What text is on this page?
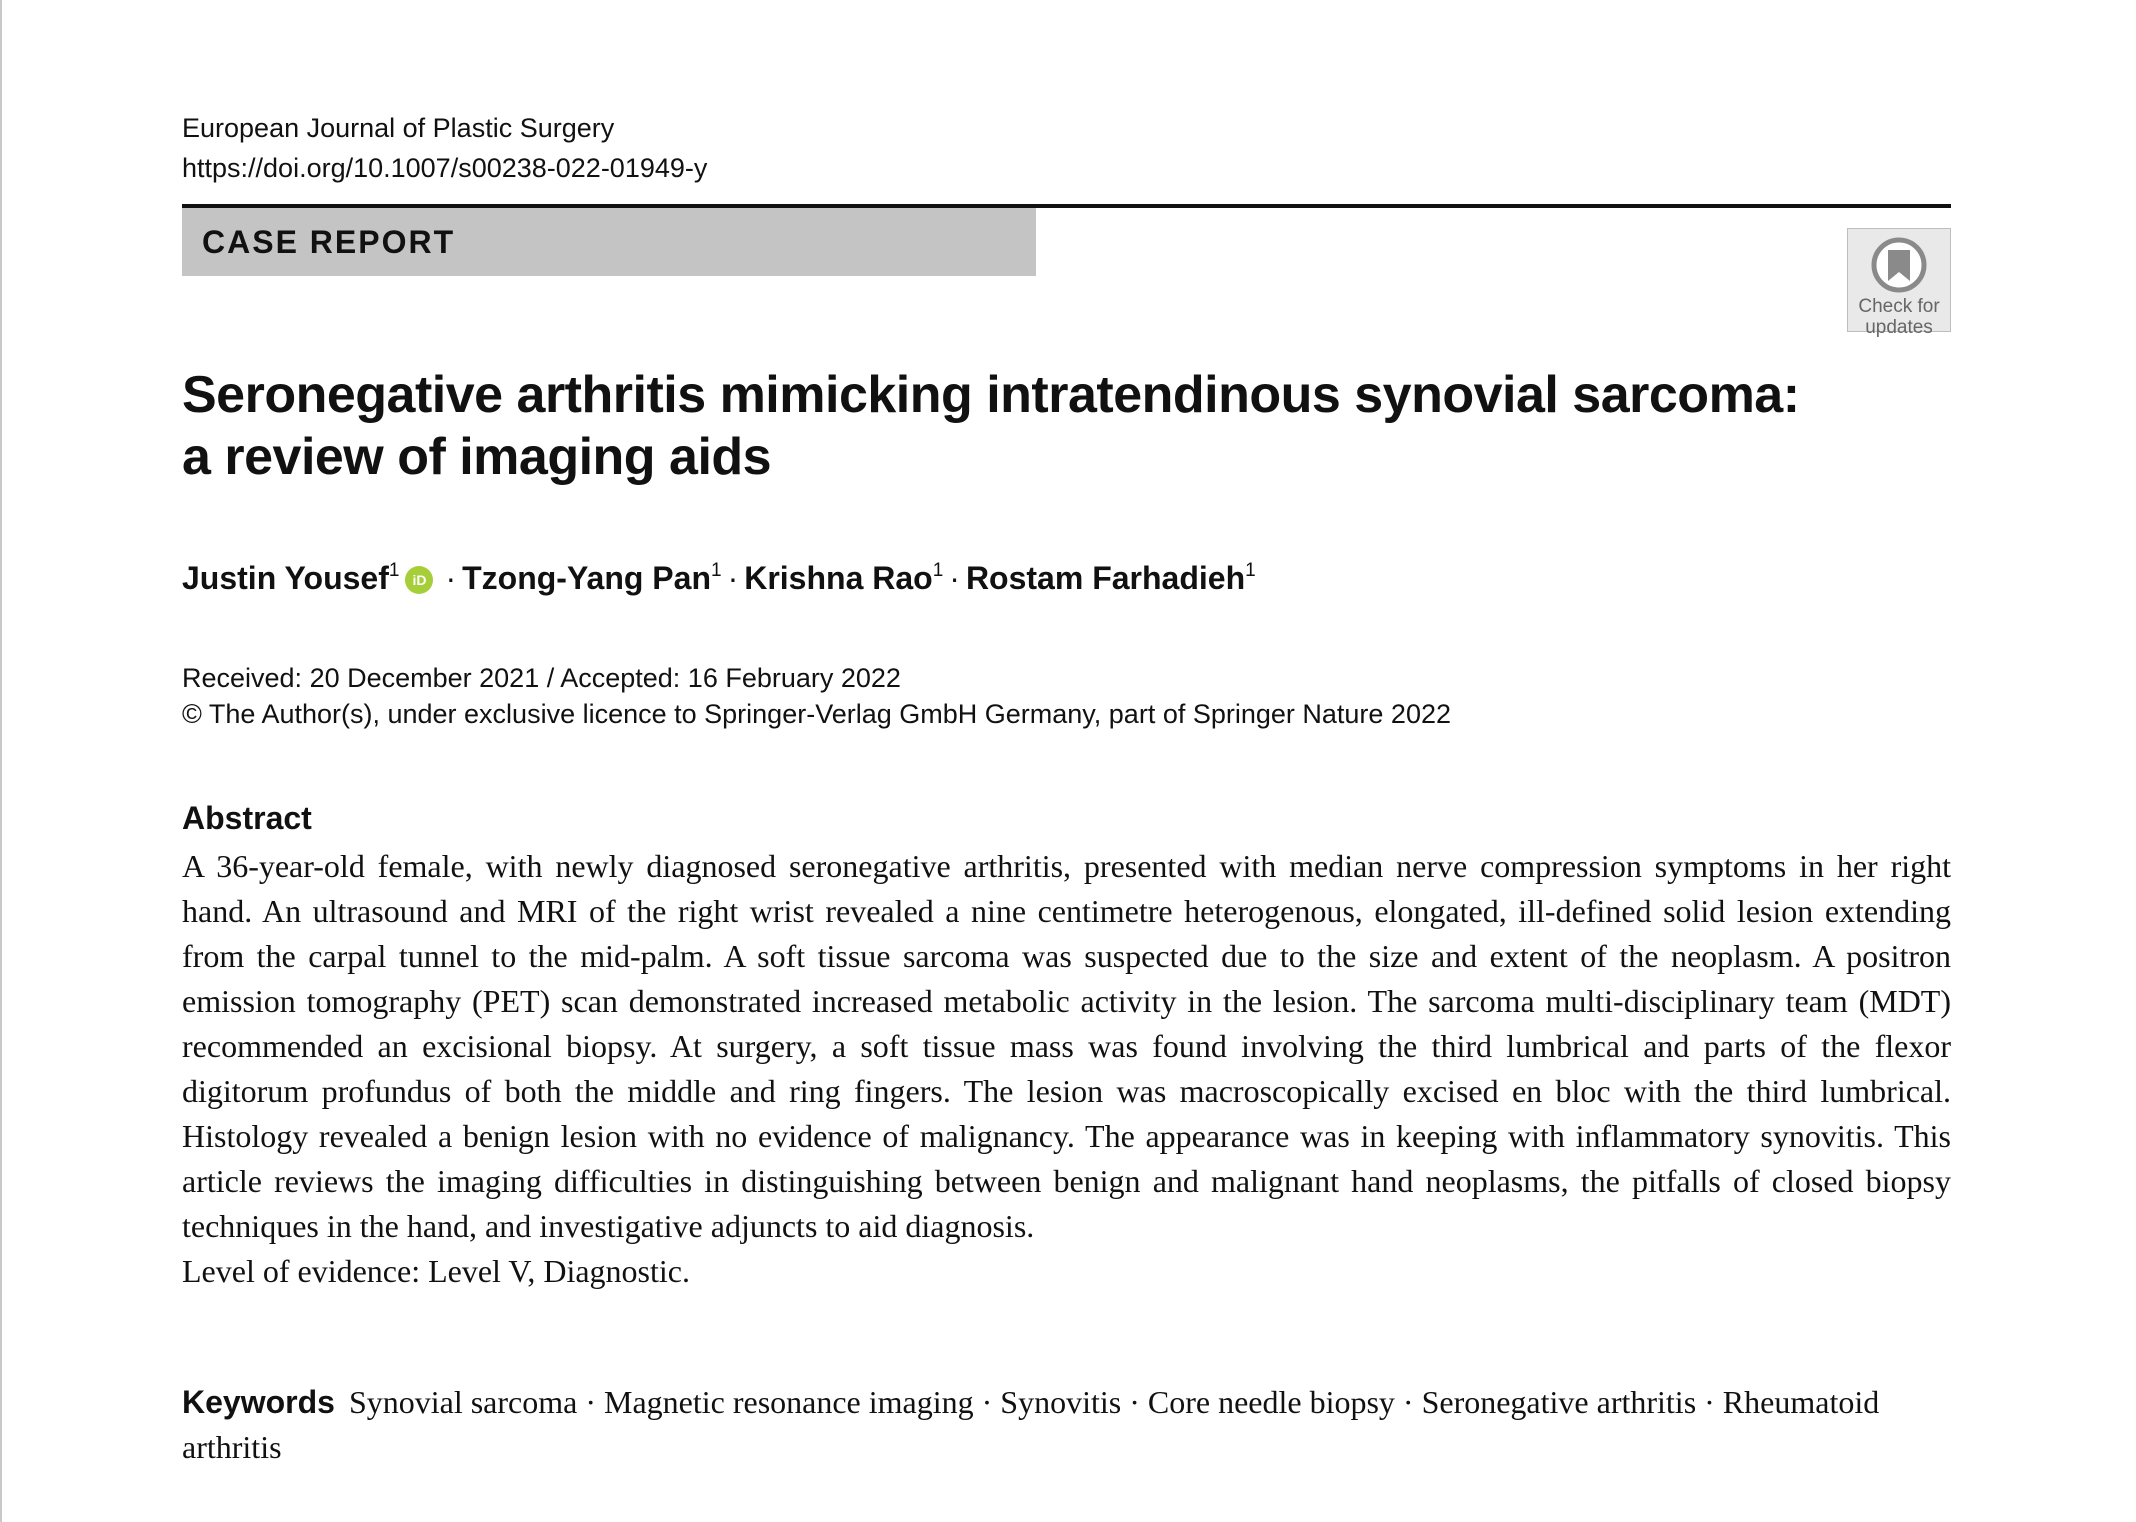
European Journal of Plastic Surgery
https://doi.org/10.1007/s00238-022-01949-y
CASE REPORT
Check for
updates
Seronegative arthritis mimicking intratendinous synovial sarcoma:
a review of imaging aids
Justin Yousef$^1$ iD · Tzong-Yang Pan$^1$ · Krishna Rao$^1$ · Rostam Farhadieh$^1$
Received: 20 December 2021 / Accepted: 16 February 2022
© The Author(s), under exclusive licence to Springer-Verlag GmbH Germany, part of Springer Nature 2022
Abstract

A 36-year-old female, with newly diagnosed seronegative arthritis, presented with median nerve compression symptoms in her right hand. An ultrasound and MRI of the right wrist revealed a nine centimetre heterogenous, elongated, ill-defined solid lesion extending from the carpal tunnel to the mid-palm. A soft tissue sarcoma was suspected due to the size and extent of the neoplasm. A positron emission tomography (PET) scan demonstrated increased metabolic activity in the lesion. The sarcoma multi-disciplinary team (MDT) recommended an excisional biopsy. At surgery, a soft tissue mass was found involving the third lumbrical and parts of the flexor digitorum profundus of both the middle and ring fingers. The lesion was macroscopically excised en bloc with the third lumbrical. Histology revealed a benign lesion with no evidence of malignancy. The appearance was in keeping with inflammatory synovitis. This article reviews the imaging difficulties in distinguishing between benign and malignant hand neoplasms, the pitfalls of closed biopsy techniques in the hand, and investigative adjuncts to aid diagnosis.

Level of evidence: Level V, Diagnostic.

Keywords Synovial sarcoma · Magnetic resonance imaging · Synovitis · Core needle biopsy · Seronegative arthritis · Rheumatoid arthritis
